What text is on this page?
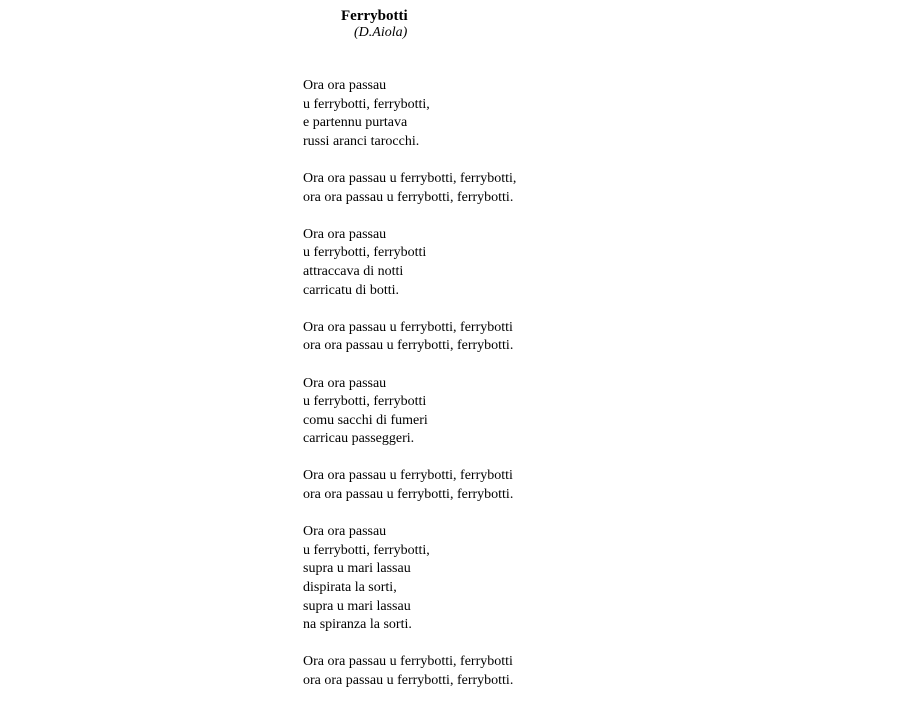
Ferrybotti
(D.Aiola)
Ora ora passau
u ferrybotti, ferrybotti,
e partennu purtava
russi aranci tarocchi.
Ora ora passau u ferrybotti, ferrybotti,
ora ora passau u ferrybotti, ferrybotti.
Ora ora passau
u ferrybotti, ferrybotti
attraccava di notti
carricatu di botti.
Ora ora passau u ferrybotti, ferrybotti
ora ora passau u ferrybotti, ferrybotti.
Ora ora passau
u ferrybotti, ferrybotti
comu sacchi di fumeri
carricau passeggeri.
Ora ora passau u ferrybotti, ferrybotti
ora ora passau u ferrybotti, ferrybotti.
Ora ora passau
u ferrybotti, ferrybotti,
supra u mari lassau
dispirata la sorti,
supra u mari lassau
na spiranza la sorti.
Ora ora passau u ferrybotti, ferrybotti
ora ora passau u ferrybotti, ferrybotti.
